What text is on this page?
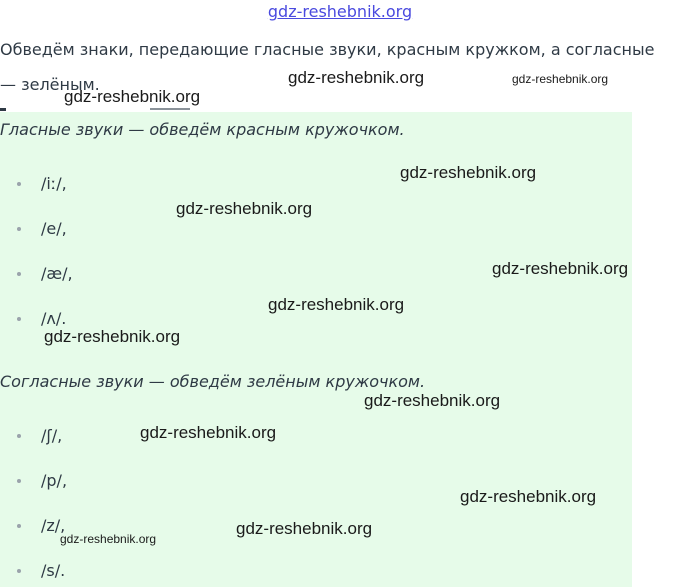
gdz-reshebnik.org
Обведём знаки, передающие гласные звуки, красным кружком, а согласные
— зелёным.
Гласные звуки — обведём красным кружочком.
/iː/,
/e/,
/æ/,
/ʌ/.
Согласные звуки — обведём зелёным кружочком.
/ʃ/,
/p/,
/z/,
/s/.
gdz-reshebnik.org	gdz-reshebnik.org
gdz-reshebnik.org
gdz-reshebnik.org
gdz-reshebnik.org
gdz-reshebnik.org
gdz-reshebnik.org
gdz-reshebnik.org
gdz-reshebnik.org
gdz-reshebnik.org
gdz-reshebnik.org
gdz-reshebnik.org
gdz-reshebnik.org
